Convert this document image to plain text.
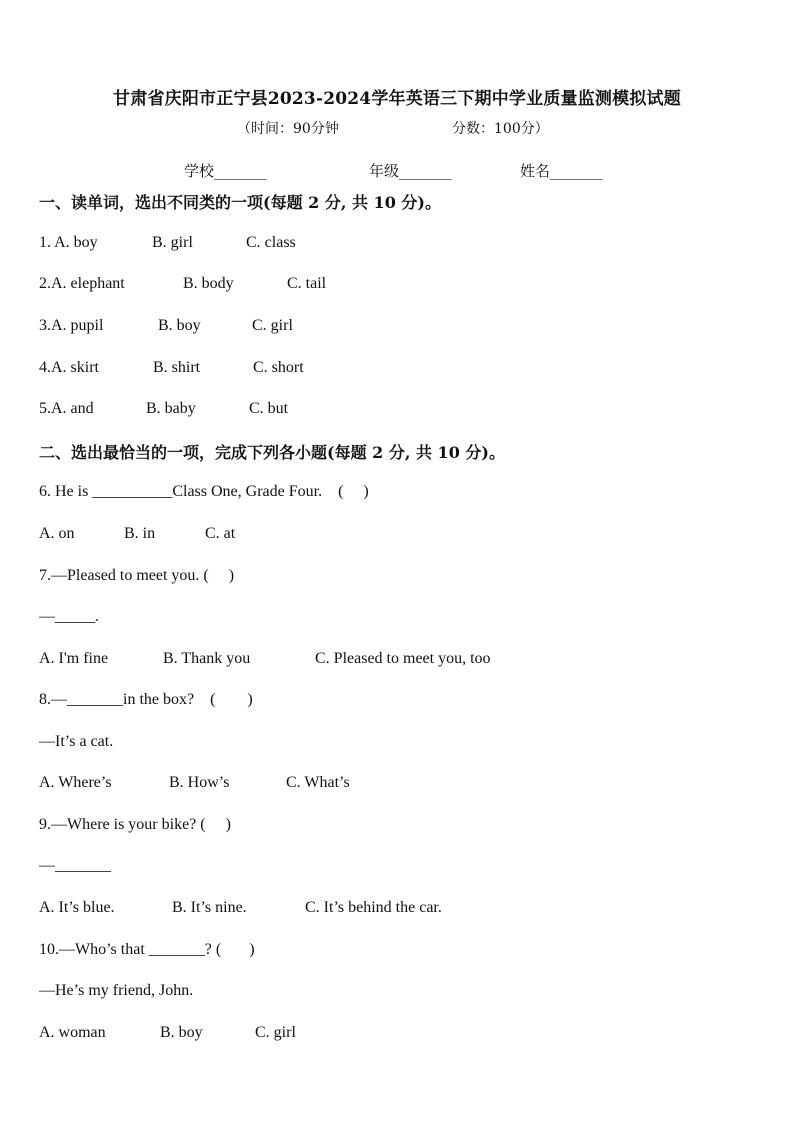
甘肃省庆阳市正宁县2023-2024学年英语三下期中学业质量监测模拟试题
（时间：90分钟	分数：100分）
学校_______	年级_______	姓名_______
一、读单词，选出不同类的一项(每题 2 分, 共 10 分)。
1. A. boy	B. girl	C. class
2.A. elephant	B. body	C. tail
3.A. pupil	B. boy	C. girl
4.A. skirt	B. shirt	C. short
5.A. and	B. baby	C. but
二、选出最恰当的一项，完成下列各小题(每题 2 分, 共 10 分)。
6. He is __________Class One, Grade Four.    (     )
A. on	B. in	C. at
7.—Pleased to meet you. (     )
—_____.
A. I'm fine	B. Thank you	C. Pleased to meet you, too
8.—_______in the box?    (        )
—It’s a cat.
A. Where’s	B. How’s	C. What’s
9.—Where is your bike? (     )
—_______
A. It’s blue.	B. It’s nine.	C. It’s behind the car.
10.—Who’s that _______? (       )
—He’s my friend, John.
A. woman	B. boy	C. girl
